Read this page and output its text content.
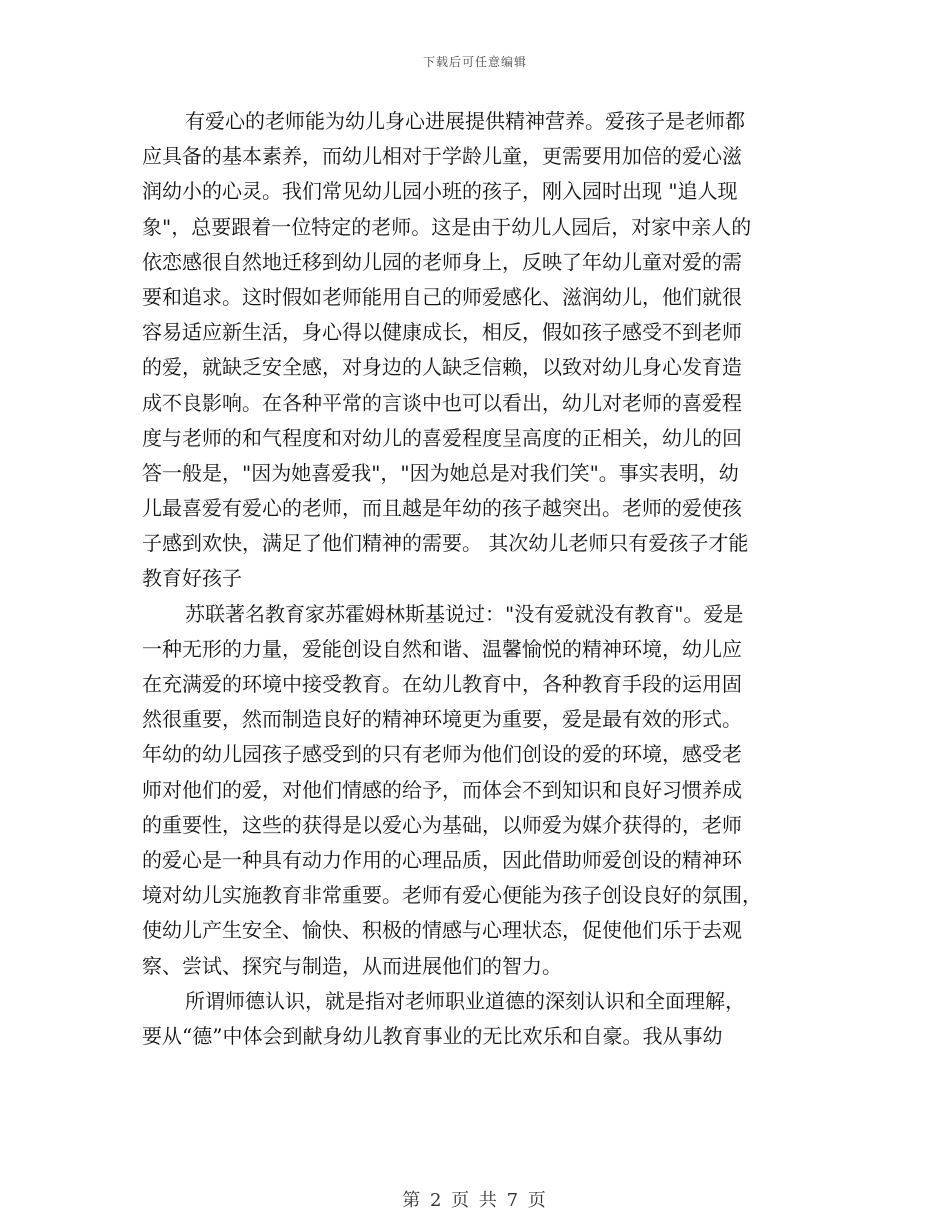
下载后可任意编辑
有爱心的老师能为幼儿身心进展提供精神营养。爱孩子是老师都
应具备的基本素养，而幼儿相对于学龄儿童，更需要用加倍的爱心滋
润幼小的心灵。我们常见幼儿园小班的孩子，刚入园时出现 "追人现
象"，总要跟着一位特定的老师。这是由于幼儿人园后，对家中亲人的
依恋感很自然地迁移到幼儿园的老师身上，反映了年幼儿童对爱的需
要和追求。这时假如老师能用自己的师爱感化、滋润幼儿，他们就很
容易适应新生活，身心得以健康成长，相反，假如孩子感受不到老师
的爱，就缺乏安全感，对身边的人缺乏信赖，以致对幼儿身心发育造
成不良影响。在各种平常的言谈中也可以看出，幼儿对老师的喜爱程
度与老师的和气程度和对幼儿的喜爱程度呈高度的正相关，幼儿的回
答一般是，"因为她喜爱我"，"因为她总是对我们笑"。事实表明，幼
儿最喜爱有爱心的老师，而且越是年幼的孩子越突出。老师的爱使孩
子感到欢快，满足了他们精神的需要。 其次幼儿老师只有爱孩子才能
教育好孩子
苏联著名教育家苏霍姆林斯基说过："没有爱就没有教育"。爱是
一种无形的力量，爱能创设自然和谐、温馨愉悦的精神环境，幼儿应
在充满爱的环境中接受教育。在幼儿教育中，各种教育手段的运用固
然很重要，然而制造良好的精神环境更为重要，爱是最有效的形式。
年幼的幼儿园孩子感受到的只有老师为他们创设的爱的环境，感受老
师对他们的爱，对他们情感的给予，而体会不到知识和良好习惯养成
的重要性，这些的获得是以爱心为基础，以师爱为媒介获得的，老师
的爱心是一种具有动力作用的心理品质，因此借助师爱创设的精神环
境对幼儿实施教育非常重要。老师有爱心便能为孩子创设良好的氛围，
使幼儿产生安全、愉快、积极的情感与心理状态，促使他们乐于去观
察、尝试、探究与制造，从而进展他们的智力。
所谓师德认识，就是指对老师职业道德的深刻认识和全面理解，
要从“德”中体会到献身幼儿教育事业的无比欢乐和自豪。我从事幼
第 2 页 共 7 页
